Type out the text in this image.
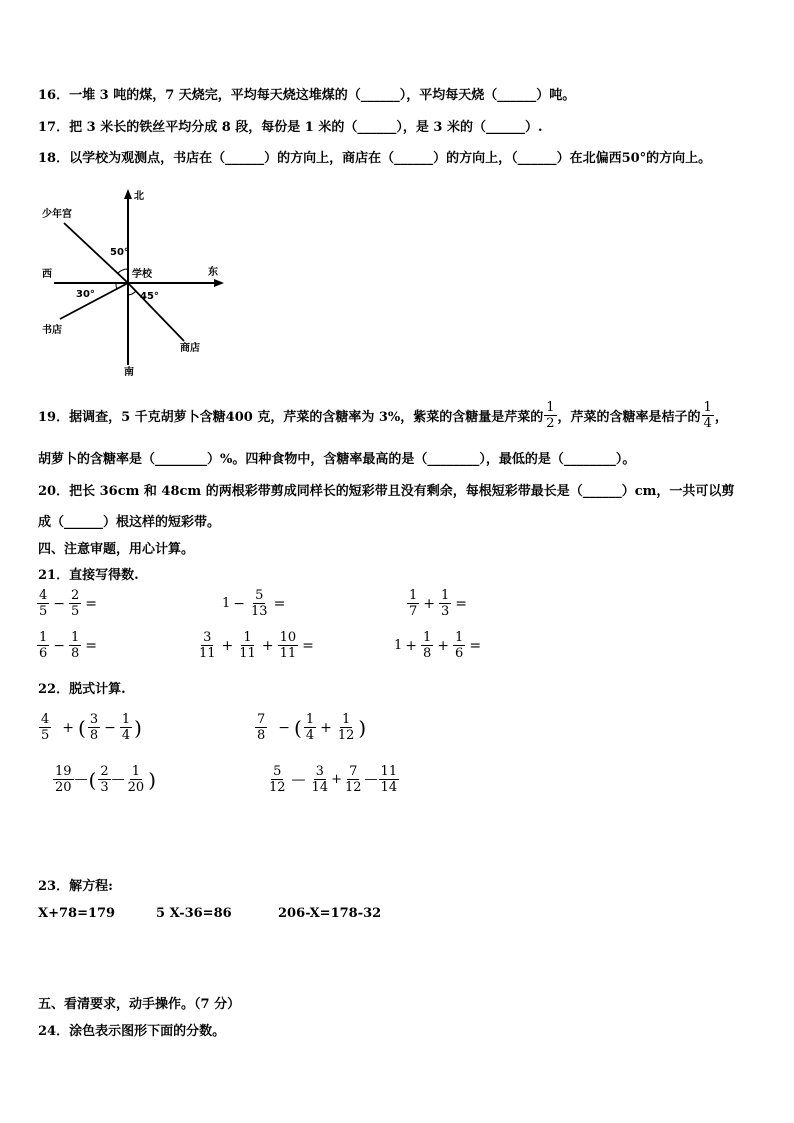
16．一堆 3 吨的煤，7 天烧完，平均每天烧这堆煤的（______），平均每天烧（______）吨。
17．把 3 米长的铁丝平均分成 8 段，每份是 1 米的（______），是 3 米的（______）.
18．以学校为观测点，书店在（______）的方向上，商店在（______）的方向上，（______）在北偏西50°的方向上。
北
南
东
西	学校
少年宫
书店
商店
50°
30°	45°
19．据调查，5 千克胡萝卜含糖400 克，芹菜的含糖率为 3%，紫菜的含糖量是芹菜的 $\frac{1}{2}$ ，芹菜的含糖率是桔子的 $\frac{1}{4}$ ，
胡萝卜的含糖率是（________）%。四种食物中，含糖率最高的是（________），最低的是（________）。
20．把长 36cm 和 48cm 的两根彩带剪成同样长的短彩带且没有剩余，每根短彩带最长是（______）cm，一共可以剪
成（______）根这样的短彩带。
四、注意审题，用心计算。
21．直接写得数.
$\frac{4}{5} - \frac{2}{5}$ =	$1 - \frac{5}{13}$ =	$\frac{1}{7} + \frac{1}{3}$ =
$\frac{1}{6} - \frac{1}{8}$ =	$\frac{3}{11} + \frac{1}{11} + \frac{10}{11}$ =	$1 + \frac{1}{8} + \frac{1}{6}$ =
22．脱式计算.
$\frac{4}{5}$ + ( $\frac{3}{8} - \frac{1}{4}$ )	$\frac{7}{8}$ − ( $\frac{1}{4} + \frac{1}{12}$ )
$\frac{19}{20}$ — ( $\frac{2}{3}$ — $\frac{1}{20}$ )	$\frac{5}{12}$ — $\frac{3}{14} + \frac{7}{12}$ — $\frac{11}{14}$
23．解方程:
X+78=179	5 X-36=86	206-X=178-32
五、看清要求，动手操作。（7 分）
24．涂色表示图形下面的分数。
